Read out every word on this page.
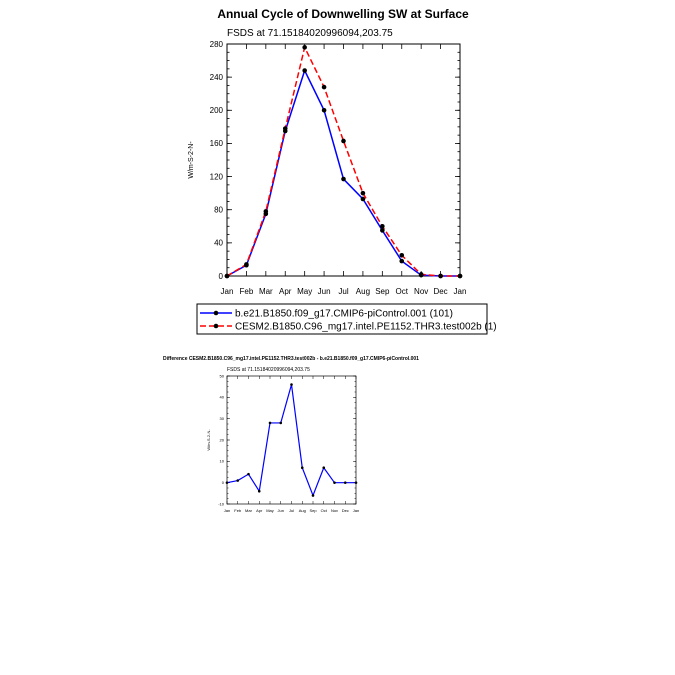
Annual Cycle of Downwelling SW at Surface
FSDS at 71.15184020996094,203.75
W/m-S-2-N-
0
40
80
120
160
200
240
280
Jan Feb Mar Apr May Jun Jul Aug Sep Oct Nov Dec Jan
b.e21.B1850.f09_g17.CMIP6-piControl.001 (101)
CESM2.B1850.C96_mg17.intel.PE1152.THR3.test002b (1)
Difference CESM2.B1850.C96_mg17.intel.PE1152.THR3.test002b - b.e21.B1850.f09_g17.CMIP6-piControl.001
FSDS at 71.15184020996094,203.75
W/m-S-2-N-
-10
0
10
20
30
40
50
Jan Feb Mar Apr May Jun Jul Aug Sep Oct Nov Dec Jan
